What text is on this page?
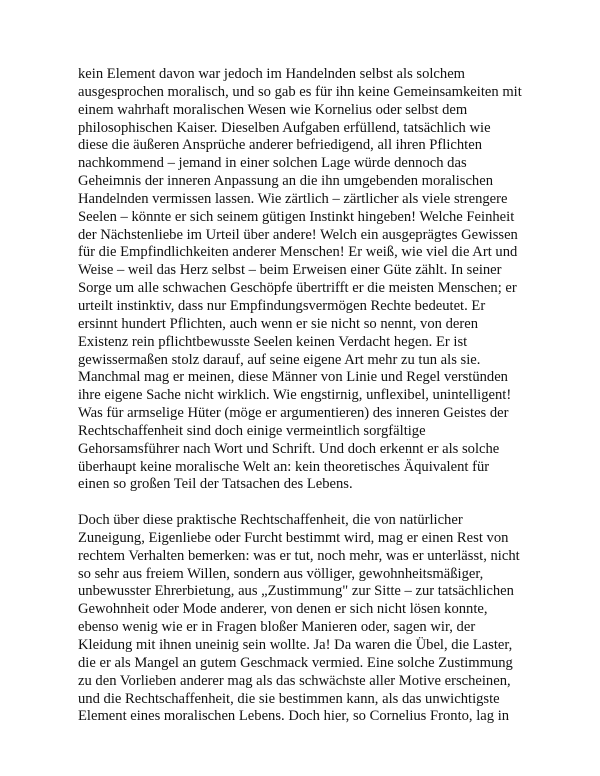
kein Element davon war jedoch im Handelnden selbst als solchem
ausgesprochen moralisch, und so gab es für ihn keine Gemeinsamkeiten mit
einem wahrhaft moralischen Wesen wie Kornelius oder selbst dem
philosophischen Kaiser. Dieselben Aufgaben erfüllend, tatsächlich wie
diese die äußeren Ansprüche anderer befriedigend, all ihren Pflichten
nachkommend – jemand in einer solchen Lage würde dennoch das
Geheimnis der inneren Anpassung an die ihn umgebenden moralischen
Handelnden vermissen lassen. Wie zärtlich – zärtlicher als viele strengere
Seelen – könnte er sich seinem gütigen Instinkt hingeben! Welche Feinheit
der Nächstenliebe im Urteil über andere! Welch ein ausgeprägtes Gewissen
für die Empfindlichkeiten anderer Menschen! Er weiß, wie viel die Art und
Weise – weil das Herz selbst – beim Erweisen einer Güte zählt. In seiner
Sorge um alle schwachen Geschöpfe übertrifft er die meisten Menschen; er
urteilt instinktiv, dass nur Empfindungsvermögen Rechte bedeutet. Er
ersinnt hundert Pflichten, auch wenn er sie nicht so nennt, von deren
Existenz rein pflichtbewusste Seelen keinen Verdacht hegen. Er ist
gewissermaßen stolz darauf, auf seine eigene Art mehr zu tun als sie.
Manchmal mag er meinen, diese Männer von Linie und Regel verstünden
ihre eigene Sache nicht wirklich. Wie engstirnig, unflexibel, unintelligent!
Was für armselige Hüter (möge er argumentieren) des inneren Geistes der
Rechtschaffenheit sind doch einige vermeintlich sorgfältige
Gehorsamsführer nach Wort und Schrift. Und doch erkennt er als solche
überhaupt keine moralische Welt an: kein theoretisches Äquivalent für
einen so großen Teil der Tatsachen des Lebens.

Doch über diese praktische Rechtschaffenheit, die von natürlicher
Zuneigung, Eigenliebe oder Furcht bestimmt wird, mag er einen Rest von
rechtem Verhalten bemerken: was er tut, noch mehr, was er unterlässt, nicht
so sehr aus freiem Willen, sondern aus völliger, gewohnheitsmäßiger,
unbewusster Ehrerbietung, aus „Zustimmung" zur Sitte – zur tatsächlichen
Gewohnheit oder Mode anderer, von denen er sich nicht lösen konnte,
ebenso wenig wie er in Fragen bloßer Manieren oder, sagen wir, der
Kleidung mit ihnen uneinig sein wollte. Ja! Da waren die Übel, die Laster,
die er als Mangel an gutem Geschmack vermied. Eine solche Zustimmung
zu den Vorlieben anderer mag als das schwächste aller Motive erscheinen,
und die Rechtschaffenheit, die sie bestimmen kann, als das unwichtigste
Element eines moralischen Lebens. Doch hier, so Cornelius Fronto, lag in
